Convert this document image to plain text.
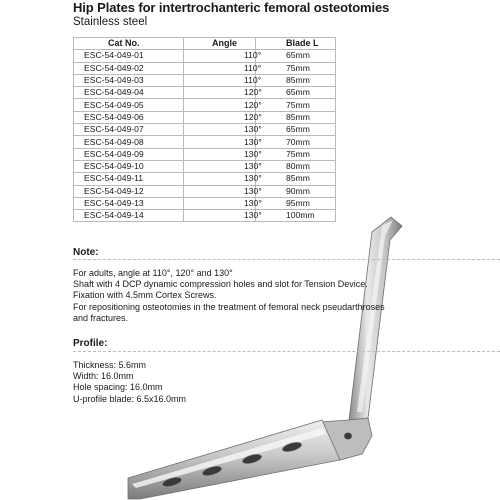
Hip Plates for intertrochanteric femoral osteotomies
Stainless steel
Cat No.	Angle	Blade L
ESC-54-049-01	110°	65mm
ESC-54-049-02	110°	75mm
ESC-54-049-03	110°	85mm
ESC-54-049-04	120°	65mm
ESC-54-049-05	120°	75mm
ESC-54-049-06	120°	85mm
ESC-54-049-07	130°	65mm
ESC-54-049-08	130°	70mm
ESC-54-049-09	130°	75mm
ESC-54-049-10	130°	80mm
ESC-54-049-11	130°	85mm
ESC-54-049-12	130°	90mm
ESC-54-049-13	130°	95mm
ESC-54-049-14	130°	100mm
Note:
For adults, angle at 110°, 120° and 130°
Shaft with 4 DCP dynamic compression holes and slot for Tension Device.
Fixation with 4.5mm Cortex Screws.
For repositioning osteotomies in the treatment of femoral neck pseudarthroses
and fractures.
Profile:
Thickness: 5.6mm
Width: 16.0mm
Hole spacing: 16.0mm
U-profile blade: 6.5x16.0mm
